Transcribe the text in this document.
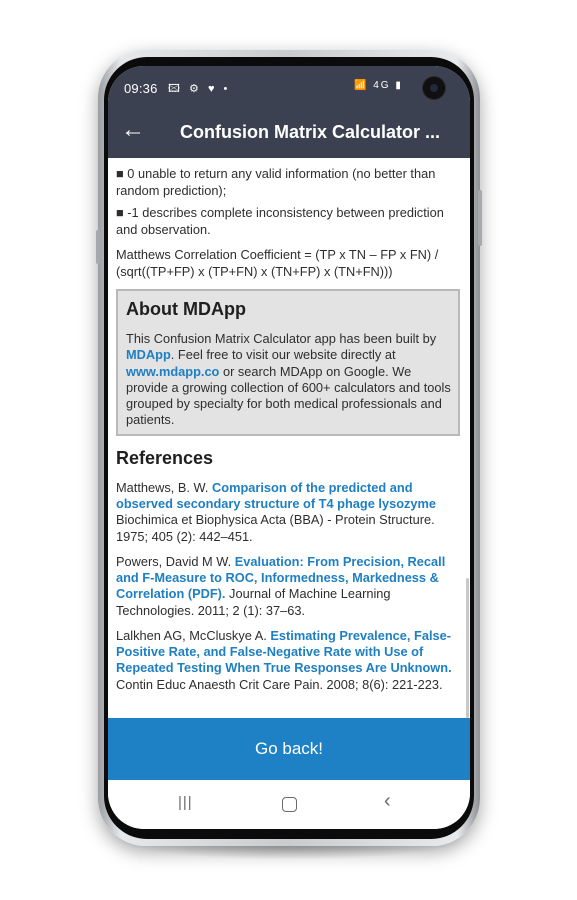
09:36 🖾 ⚙ ♥ •	📶 4G ▮
← Confusion Matrix Calculator ...
■ 0 unable to return any valid information (no better than random prediction);
■ -1 describes complete inconsistency between prediction and observation.
Matthews Correlation Coefficient = (TP x TN – FP x FN) / (sqrt((TP+FP) x (TP+FN) x (TN+FP) x (TN+FN)))
About MDApp
This Confusion Matrix Calculator app has been built by MDApp. Feel free to visit our website directly at www.mdapp.co or search MDApp on Google. We provide a growing collection of 600+ calculators and tools grouped by specialty for both medical professionals and patients.
References
Matthews, B. W. Comparison of the predicted and observed secondary structure of T4 phage lysozyme Biochimica et Biophysica Acta (BBA) - Protein Structure. 1975; 405 (2): 442–451.
Powers, David M W. Evaluation: From Precision, Recall and F-Measure to ROC, Informedness, Markedness & Correlation (PDF). Journal of Machine Learning Technologies. 2011; 2 (1): 37–63.
Lalkhen AG, McCluskye A. Estimating Prevalence, False-Positive Rate, and False-Negative Rate with Use of Repeated Testing When True Responses Are Unknown. Contin Educ Anaesth Crit Care Pain. 2008; 8(6): 221-223.
Go back!
|||	‹
